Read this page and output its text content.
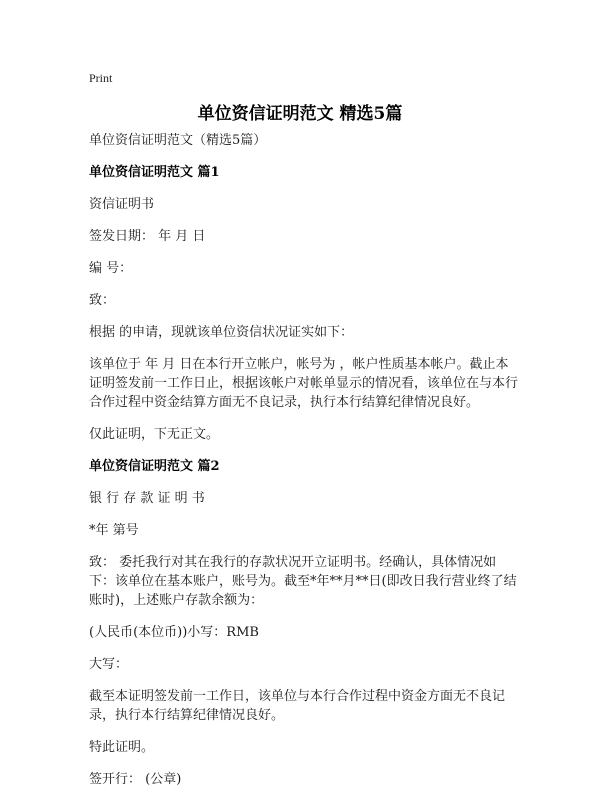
Print
单位资信证明范文 精选5篇

单位资信证明范文（精选5篇）

单位资信证明范文 篇1

资信证明书

签发日期： 年 月 日

编 号：

致：

根据 的申请，现就该单位资信状况证实如下：

该单位于 年 月 日在本行开立帐户，帐号为 ，帐户性质基本帐户。截止本证明签发前一工作日止，根据该帐户对帐单显示的情况看，该单位在与本行合作过程中资金结算方面无不良记录，执行本行结算纪律情况良好。

仅此证明，下无正文。

单位资信证明范文 篇2

银 行 存 款 证 明 书

*年 第号

致： 委托我行对其在我行的存款状况开立证明书。经确认，具体情况如下：该单位在基本账户，账号为。截至*年**月**日(即改日我行营业终了结账时)，上述账户存款余额为：

(人民币(本位币))小写：RMB

大写：

截至本证明签发前一工作日，该单位与本行合作过程中资金方面无不良记录，执行本行结算纪律情况良好。

特此证明。

签开行： (公章)
